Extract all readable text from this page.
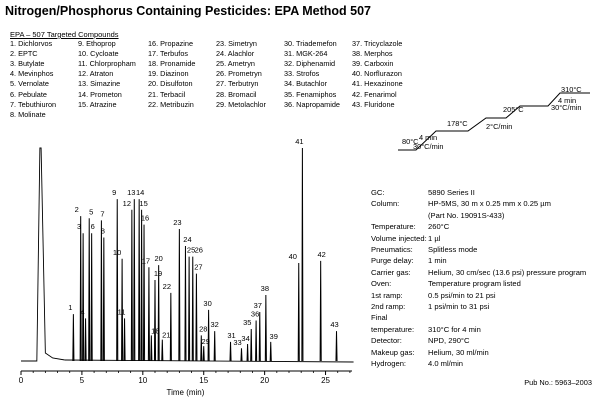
Nitrogen/Phosphorus Containing Pesticides: EPA Method 507
EPA – 507 Targeted Compounds
1. Dichlorvos
2. EPTC
3. Butylate
4. Mevinphos
5. Vernolate
6. Pebulate
7. Tebuthiuron
8. Molinate
9. Ethoprop
10. Cycloate
11. Chlorpropham
12. Atraton
13. Simazine
14. Prometon
15. Atrazine
16. Propazine
17. Terbufos
18. Pronamide
19. Diazinon
20. Disulfoton
21. Terbacil
22. Metribuzin
23. Simetryn
24. Alachlor
25. Ametryn
26. Prometryn
27. Terbutryn
28. Bromacil
29. Metolachlor
30. Triademefon
31. MGK-264
32. Diphenamid
33. Strofos
34. Butachlor
35. Fenamiphos
36. Napropamide
37. Tricyclazole
38. Merphos
39. Carboxin
40. Norflurazon
41. Hexazinone
42. Fenarimol
43. Fluridone
0	5	10	15	20	25
Time (min)
1
2
3
4
5
6
7
8
9
10
11
12
13 14
15
16
17
18
19
20
21
22
23
24
25 26
27
28
29
30
31
32
33 34
35
36
37
38
39
40
41
42
43
80°C 4 min
30°C/min
178°C 2°C/min
205°C
4 min
30°C/min
310°C
GC:	5890 Series II
Column:	HP-5MS, 30 m x 0.25 mm x 0.25 µm
(Part No. 19091S-433)
Temperature: 260°C
Volume injected: 1 µl
Pneumatics: Splitless mode
Purge delay: 1 min
Carrier gas: Helium, 30 cm/sec (13.6 psi) pressure program
Oven:	Temperature program listed
1st ramp:	0.5 psi/min to 21 psi
2nd ramp:	1 psi/min to 31 psi
Final
temperature: 310°C for 4 min
Detector:	NPD, 290°C
Makeup gas: Helium, 30 ml/min
Hydrogen:	4.0 ml/min
Pub No.: 5963–2003
